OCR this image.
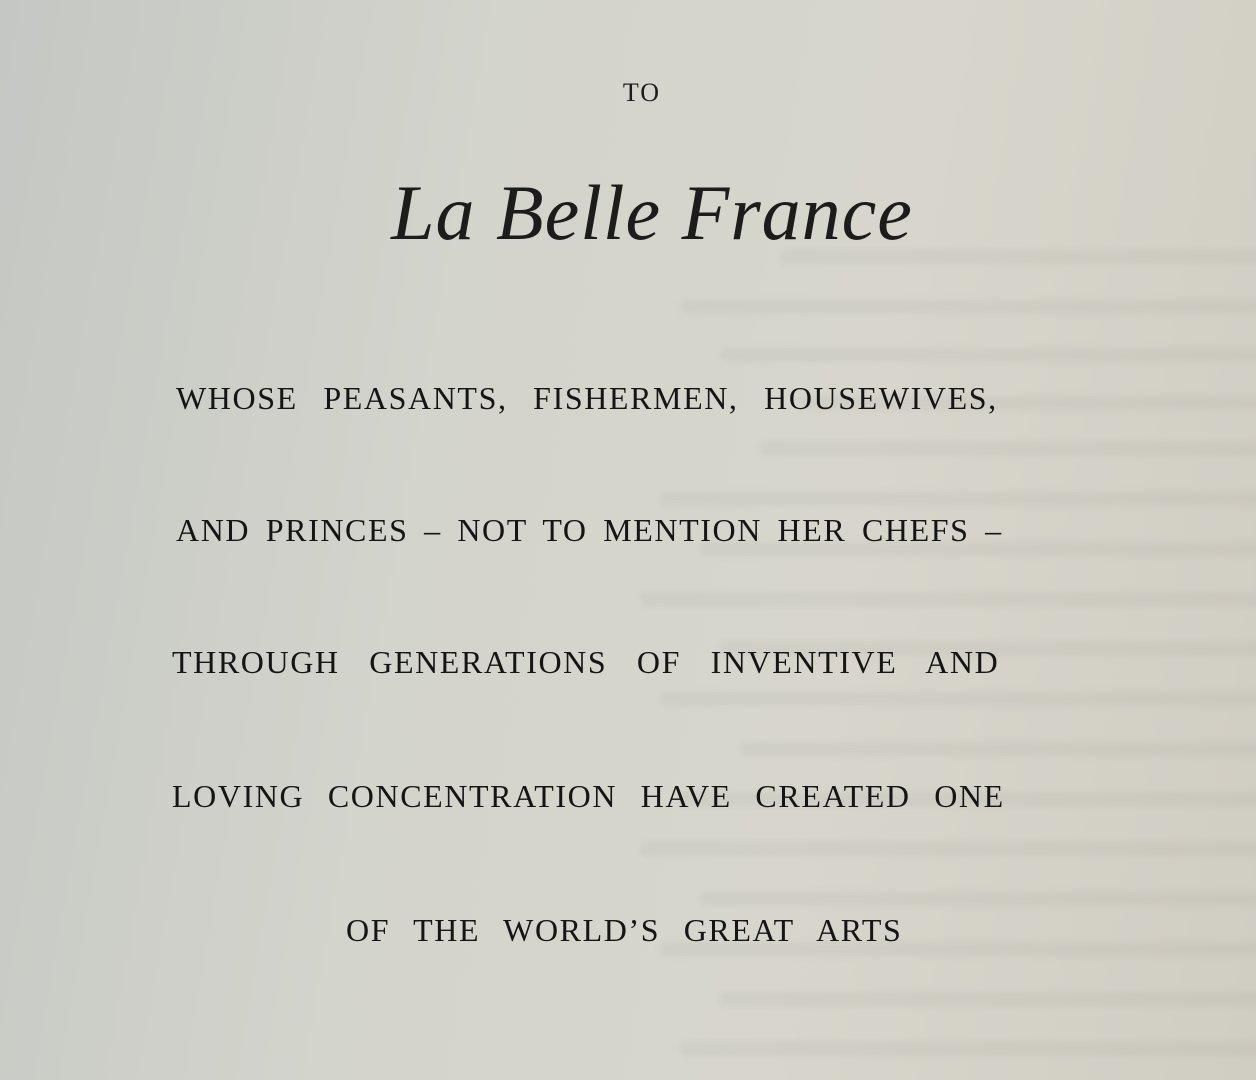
TO
La Belle France
WHOSE PEASANTS, FISHERMEN, HOUSEWIVES,
AND PRINCES – NOT TO MENTION HER CHEFS –
THROUGH GENERATIONS OF INVENTIVE AND
LOVING CONCENTRATION HAVE CREATED ONE
OF THE WORLD’S GREAT ARTS
